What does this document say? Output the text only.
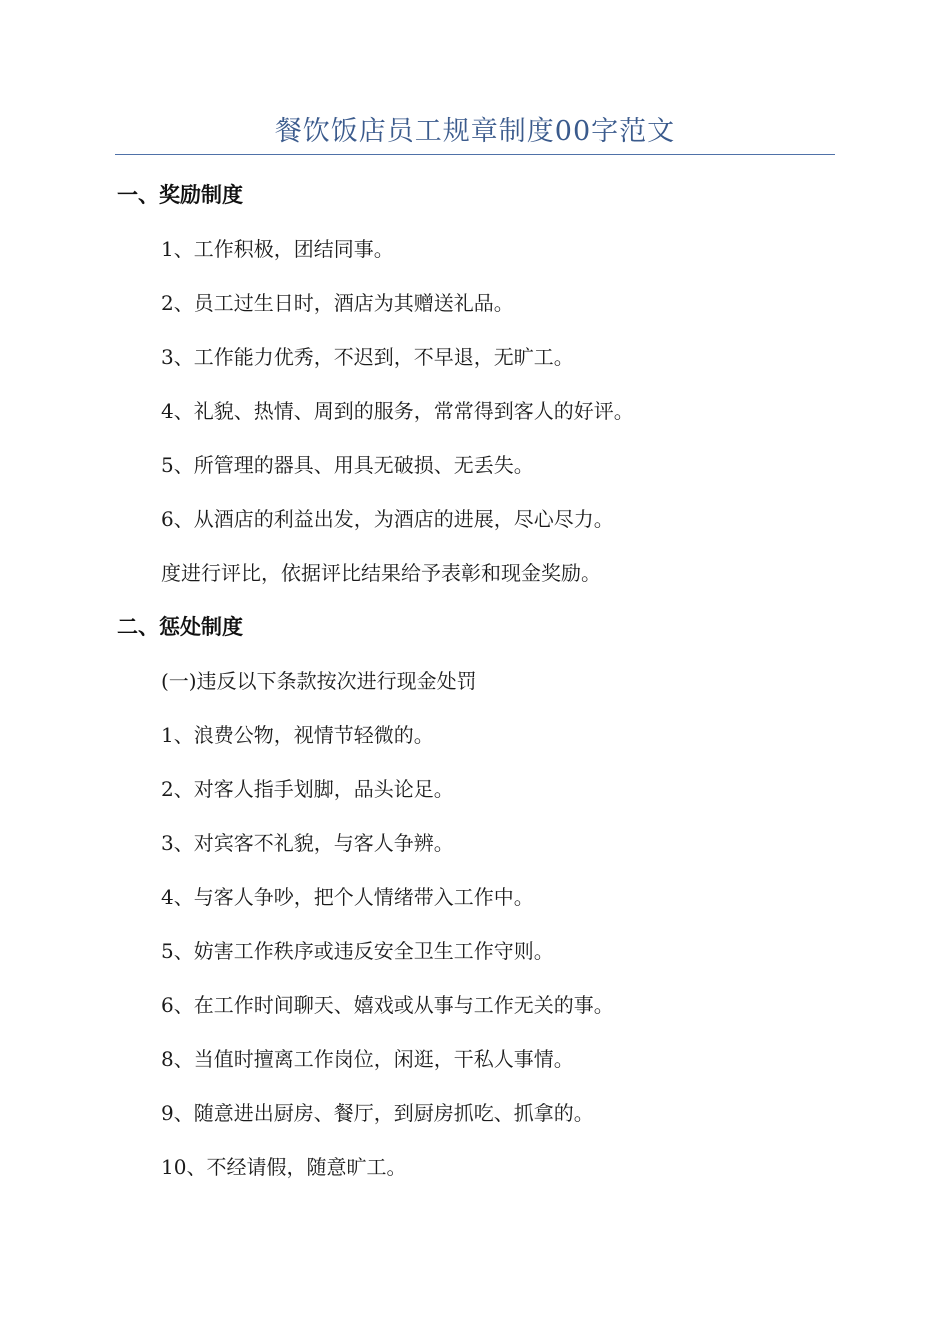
餐饮饭店员工规章制度00字范文
一、奖励制度
1、工作积极，团结同事。
2、员工过生日时，酒店为其赠送礼品。
3、工作能力优秀，不迟到，不早退，无旷工。
4、礼貌、热情、周到的服务，常常得到客人的好评。
5、所管理的器具、用具无破损、无丢失。
6、从酒店的利益出发，为酒店的进展，尽心尽力。
度进行评比，依据评比结果给予表彰和现金奖励。
二、惩处制度
(一)违反以下条款按次进行现金处罚
1、浪费公物，视情节轻微的。
2、对客人指手划脚，品头论足。
3、对宾客不礼貌，与客人争辨。
4、与客人争吵，把个人情绪带入工作中。
5、妨害工作秩序或违反安全卫生工作守则。
6、在工作时间聊天、嬉戏或从事与工作无关的事。
8、当值时擅离工作岗位，闲逛，干私人事情。
9、随意进出厨房、餐厅，到厨房抓吃、抓拿的。
10、不经请假，随意旷工。
